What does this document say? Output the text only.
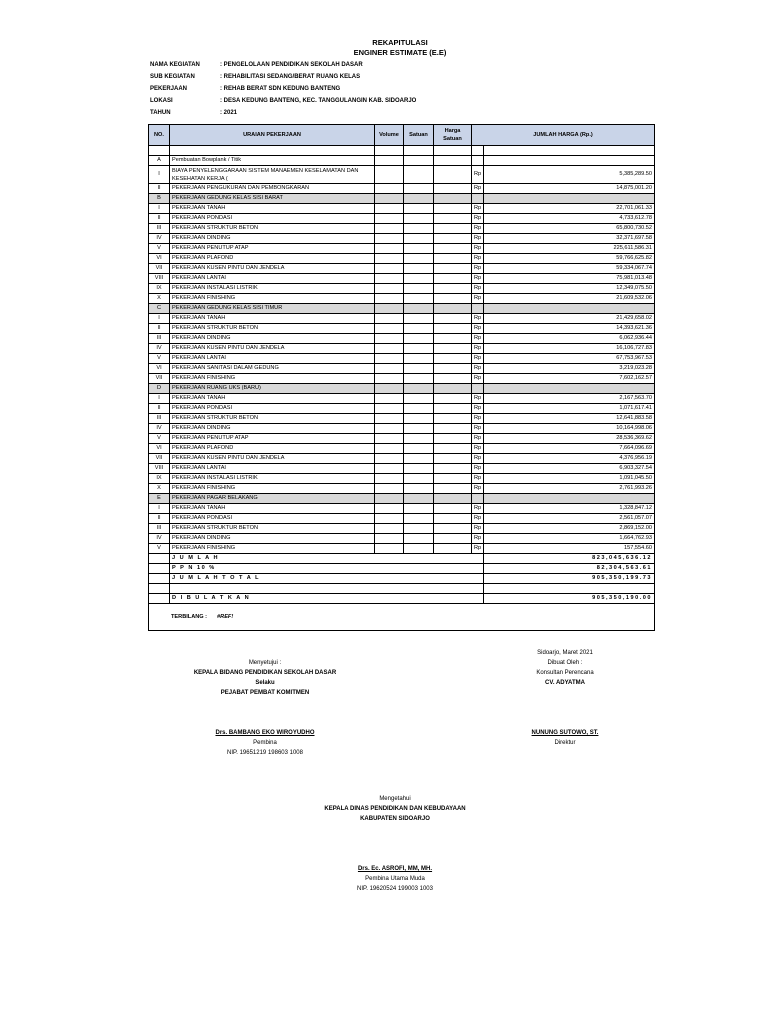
REKAPITULASI
ENGINER ESTIMATE (E.E)
NAMA KEGIATAN	: PENGELOLAAN PENDIDIKAN SEKOLAH DASAR
SUB KEGIATAN	: REHABILITASI SEDANG/BERAT RUANG KELAS
PEKERJAAN	: REHAB BERAT SDN KEDUNG BANTENG
LOKASI	: DESA KEDUNG BANTENG, KEC. TANGGULANGIN KAB. SIDOARJO
TAHUN	: 2021
NO.	URAIAN PEKERJAAN	Volume	Satuan	Harga Satuan	JUMLAH HARGA (Rp.)	

A	Pembuatan Bowplank / Titik					
I	BIAYA PENYELENGGARAAN SISTEM MANAEMEN KESELAMATAN DAN KESEHATAN KERJA (				Rp	5,385,289.50
II	PEKERJAAN PENGUKURAN DAN PEMBONGKARAN				Rp	14,875,001.20
B	PEKERJAAN GEDUNG KELAS SISI BARAT					
I	PEKERJAAN TANAH				Rp	22,701,061.33
II	PEKERJAAN PONDASI				Rp	4,733,612.78
III	PEKERJAAN STRUKTUR BETON				Rp	65,800,730.52
IV	PEKERJAAN DINDING				Rp	32,371,697.58
V	PEKERJAAN PENUTUP ATAP				Rp	225,611,586.31
VI	PEKERJAAN PLAFOND				Rp	59,766,625.82
VII	PEKERJAAN KUSEN PINTU DAN JENDELA				Rp	59,334,067.74
VIII	PEKERJAAN LANTAI				Rp	75,981,013.48
IX	PEKERJAAN INSTALASI LISTRIK				Rp	12,349,075.50
X	PEKERJAAN FINISHING				Rp	21,609,532.06
C	PEKERJAAN GEDUNG KELAS SISI TIMUR					
I	PEKERJAAN TANAH				Rp	21,429,658.02
II	PEKERJAAN STRUKTUR BETON				Rp	14,393,621.36
III	PEKERJAAN DINDING				Rp	6,062,936.44
IV	PEKERJAAN KUSEN PINTU DAN JENDELA				Rp	16,106,727.83
V	PEKERJAAN LANTAI				Rp	67,753,967.53
VI	PEKERJAAN SANITASI DALAM GEDUNG				Rp	3,219,023.28
VII	PEKERJAAN FINISHING				Rp	7,602,162.57
D	PEKERJAAN RUANG UKS (BARU)					
I	PEKERJAAN TANAH				Rp	2,167,563.70
II	PEKERJAAN PONDASI				Rp	1,071,617.41
III	PEKERJAAN STRUKTUR BETON				Rp	12,641,883.58
IV	PEKERJAAN DINDING				Rp	10,164,998.06
V	PEKERJAAN PENUTUP ATAP				Rp	28,536,369.62
VI	PEKERJAAN PLAFOND				Rp	7,664,096.69
VII	PEKERJAAN KUSEN PINTU DAN JENDELA				Rp	4,376,956.19
VIII	PEKERJAAN LANTAI				Rp	6,903,327.54
IX	PEKERJAAN INSTALASI LISTRIK				Rp	1,091,045.50
X	PEKERJAAN FINISHING				Rp	2,761,993.26
E	PEKERJAAN PAGAR BELAKANG					
I	PEKERJAAN TANAH				Rp	1,328,847.12
II	PEKERJAAN PONDASI				Rp	2,561,057.07
III	PEKERJAAN STRUKTUR BETON				Rp	2,869,152.00
IV	PEKERJAAN DINDING				Rp	1,664,762.93
V	PEKERJAAN FINISHING				Rp	157,554.60
	J U M L A H					823,045,636.12
	P P N 10 %					82,304,563.61
	J U M L A H T O T A L					905,350,199.73

	D I B U L A T K A N					905,350,190.00
TERBILANG : #REF!						
Menyetujui :
KEPALA BIDANG PENDIDIKAN SEKOLAH DASAR
Selaku
PEJABAT PEMBAT KOMITMEN
Drs. BAMBANG EKO WIROYUDHO
Pembina
NIP. 19651219 198603 1008
Sidoarjo, Maret 2021
Dibuat Oleh :
Konsultan Perencana
CV. ADYATMA
NUNUNG SUTOWO, ST.
Direktur
Mengetahui
KEPALA DINAS PENDIDIKAN DAN KEBUDAYAAN
KABUPATEN SIDOARJO
Drs. Ec. ASROFI, MM, MH.
Pembina Utama Muda
NIP. 19620524 199003 1003
